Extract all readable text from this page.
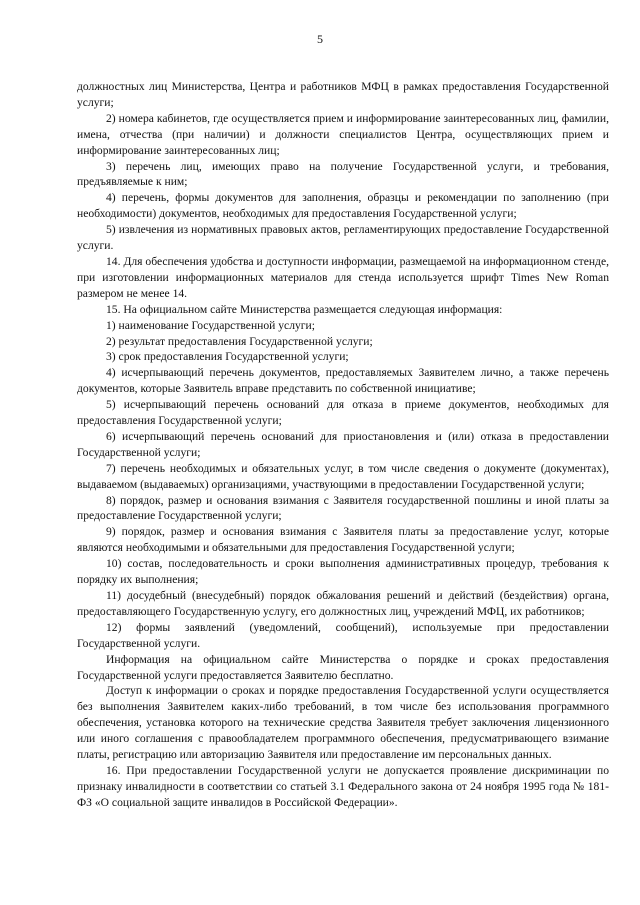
5

должностных лиц Министерства, Центра и работников МФЦ в рамках предоставления Государственной услуги;

2) номера кабинетов, где осуществляется прием и информирование заинтересованных лиц, фамилии, имена, отчества (при наличии) и должности специалистов Центра, осуществляющих прием и информирование заинтересованных лиц;

3) перечень лиц, имеющих право на получение Государственной услуги, и требования, предъявляемые к ним;

4) перечень, формы документов для заполнения, образцы и рекомендации по заполнению (при необходимости) документов, необходимых для предоставления Государственной услуги;

5) извлечения из нормативных правовых актов, регламентирующих предоставление Государственной услуги.

14. Для обеспечения удобства и доступности информации, размещаемой на информационном стенде, при изготовлении информационных материалов для стенда используется шрифт Times New Roman размером не менее 14.

15. На официальном сайте Министерства размещается следующая информация:

1) наименование Государственной услуги;

2) результат предоставления Государственной услуги;

3) срок предоставления Государственной услуги;

4) исчерпывающий перечень документов, предоставляемых Заявителем лично, а также перечень документов, которые Заявитель вправе представить по собственной инициативе;

5) исчерпывающий перечень оснований для отказа в приеме документов, необходимых для предоставления Государственной услуги;

6) исчерпывающий перечень оснований для приостановления и (или) отказа в предоставлении Государственной услуги;

7) перечень необходимых и обязательных услуг, в том числе сведения о документе (документах), выдаваемом (выдаваемых) организациями, участвующими в предоставлении Государственной услуги;

8) порядок, размер и основания взимания с Заявителя государственной пошлины и иной платы за предоставление Государственной услуги;

9) порядок, размер и основания взимания с Заявителя платы за предоставление услуг, которые являются необходимыми и обязательными для предоставления Государственной услуги;

10) состав, последовательность и сроки выполнения административных процедур, требования к порядку их выполнения;

11) досудебный (внесудебный) порядок обжалования решений и действий (бездействия) органа, предоставляющего Государственную услугу, его должностных лиц, учреждений МФЦ, их работников;

12) формы заявлений (уведомлений, сообщений), используемые при предоставлении Государственной услуги.

Информация на официальном сайте Министерства о порядке и сроках предоставления Государственной услуги предоставляется Заявителю бесплатно.

Доступ к информации о сроках и порядке предоставления Государственной услуги осуществляется без выполнения Заявителем каких-либо требований, в том числе без использования программного обеспечения, установка которого на технические средства Заявителя требует заключения лицензионного или иного соглашения с правообладателем программного обеспечения, предусматривающего взимание платы, регистрацию или авторизацию Заявителя или предоставление им персональных данных.

16. При предоставлении Государственной услуги не допускается проявление дискриминации по признаку инвалидности в соответствии со статьей 3.1 Федерального закона от 24 ноября 1995 года № 181-ФЗ «О социальной защите инвалидов в Российской Федерации».
